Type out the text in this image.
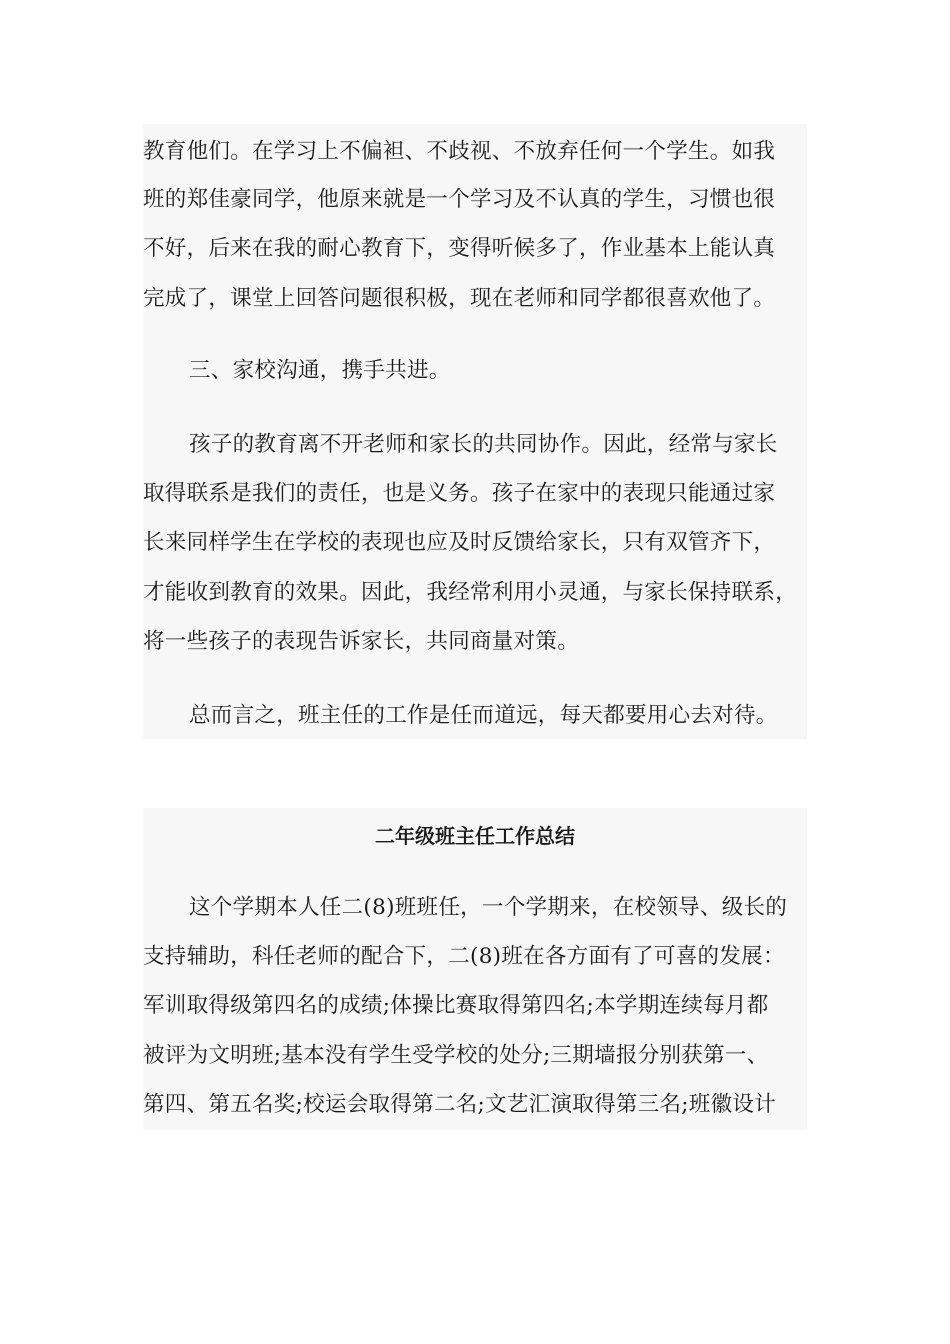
教育他们。在学习上不偏袒、不歧视、不放弃任何一个学生。如我
班的郑佳豪同学，他原来就是一个学习及不认真的学生，习惯也很
不好，后来在我的耐心教育下，变得听候多了，作业基本上能认真
完成了，课堂上回答问题很积极，现在老师和同学都很喜欢他了。
三、家校沟通，携手共进。
孩子的教育离不开老师和家长的共同协作。因此，经常与家长
取得联系是我们的责任，也是义务。孩子在家中的表现只能通过家
长来同样学生在学校的表现也应及时反馈给家长，只有双管齐下，
才能收到教育的效果。因此，我经常利用小灵通，与家长保持联系，
将一些孩子的表现告诉家长，共同商量对策。
总而言之，班主任的工作是任而道远，每天都要用心去对待。
二年级班主任工作总结
这个学期本人任二(8)班班任，一个学期来，在校领导、级长的
支持辅助，科任老师的配合下，二(8)班在各方面有了可喜的发展：
军训取得级第四名的成绩;体操比赛取得第四名;本学期连续每月都
被评为文明班;基本没有学生受学校的处分;三期墙报分别获第一、
第四、第五名奖;校运会取得第二名;文艺汇演取得第三名;班徽设计
